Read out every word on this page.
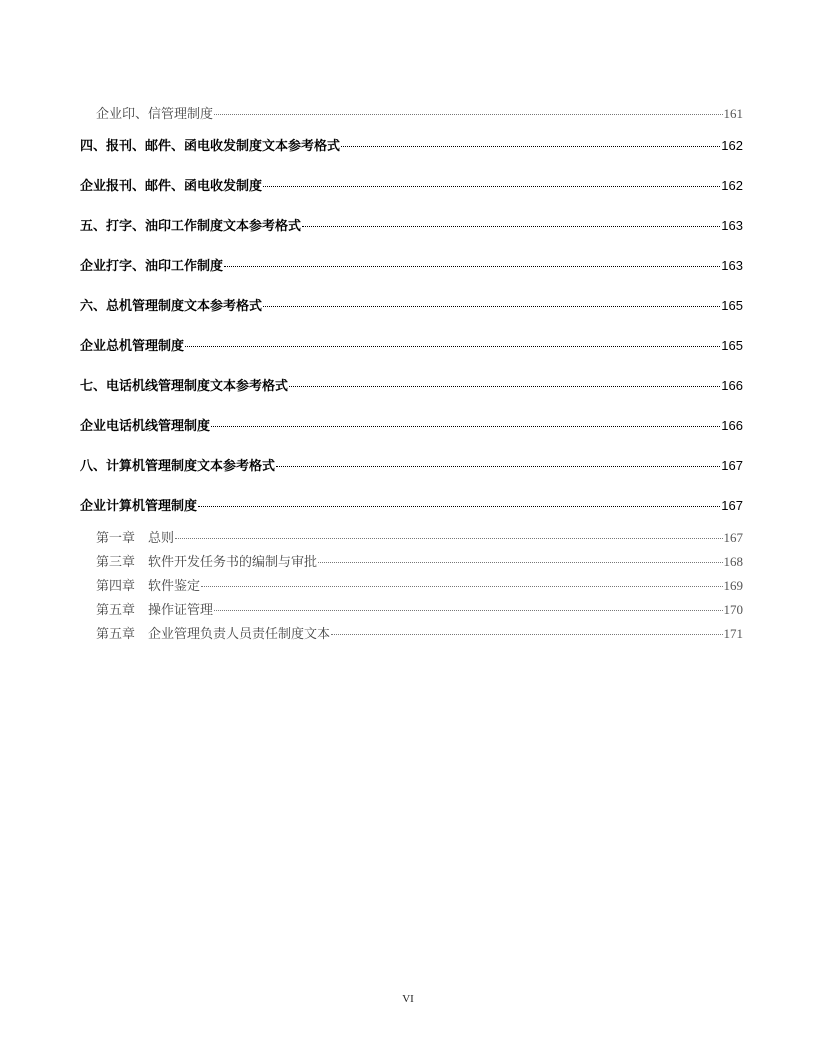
企业印、信管理制度	161
四、报刊、邮件、函电收发制度文本参考格式	162
企业报刊、邮件、函电收发制度	162
五、打字、油印工作制度文本参考格式	163
企业打字、油印工作制度	163
六、总机管理制度文本参考格式	165
企业总机管理制度	165
七、电话机线管理制度文本参考格式	166
企业电话机线管理制度	166
八、计算机管理制度文本参考格式	167
企业计算机管理制度	167
第一章　总则	167
第三章　软件开发任务书的编制与审批	168
第四章　软件鉴定	169
第五章　操作证管理	170
第五章　企业管理负责人员责任制度文本	171
VI
